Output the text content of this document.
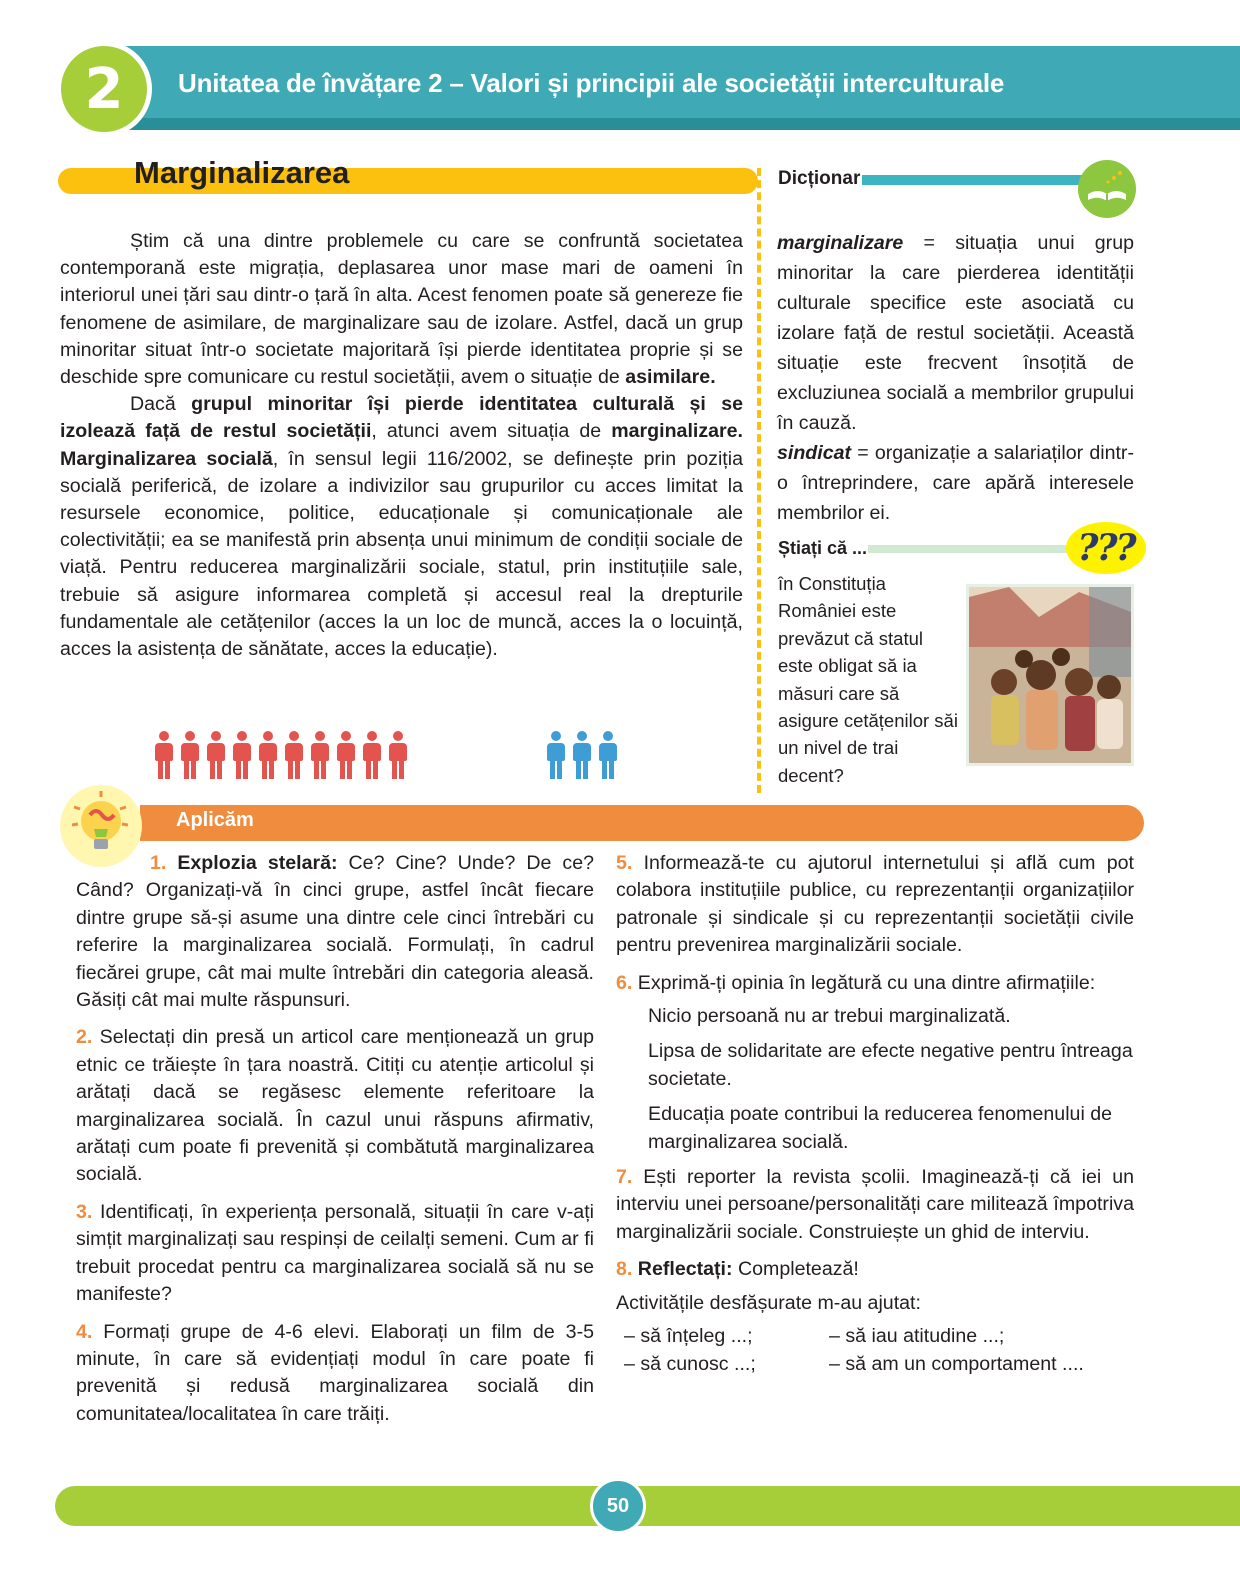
2 Unitatea de învățare 2 – Valori și principii ale societății interculturale
Marginalizarea

Știm că una dintre problemele cu care se confruntă societatea contemporană este migrația, deplasarea unor mase mari de oameni în interiorul unei țări sau dintr-o țară în alta. Acest fenomen poate să genereze fie fenomene de asimilare, de marginalizare sau de izolare. Astfel, dacă un grup minoritar situat într-o societate majoritară își pierde identitatea proprie și se deschide spre comunicare cu restul societății, avem o situație de asimilare.

Dacă grupul minoritar își pierde identitatea culturală și se izolează față de restul societății, atunci avem situația de marginalizare. Marginalizarea socială, în sensul legii 116/2002, se definește prin poziția socială periferică, de izolare a indivizilor sau grupurilor cu acces limitat la resursele economice, politice, educaționale și comunicaționale ale colectivității; ea se manifestă prin absența unui minimum de condiții sociale de viață. Pentru reducerea marginalizării sociale, statul, prin instituțiile sale, trebuie să asigure informarea completă și accesul real la drepturile fundamentale ale cetățenilor (acces la un loc de muncă, acces la o locuință, acces la asistența de sănătate, acces la educație).

Dicționar
marginalizare = situația unui grup minoritar la care pierderea identității culturale specifice este asociată cu izolare față de restul societății. Această situație este frecvent însoțită de excluziunea socială a membrilor grupului în cauză.
sindicat = organizație a salariaților dintr-o întreprindere, care apără interesele membrilor ei.
Știați că ...	???
în Constituția României este prevăzut că statul este obligat să ia măsuri care să asigure cetățenilor săi un nivel de trai decent?
Aplicăm
1. Explozia stelară: Ce? Cine? Unde? De ce? Când? Organizați-vă în cinci grupe, astfel încât fiecare dintre grupe să-și asume una dintre cele cinci întrebări cu referire la marginalizarea socială. Formulați, în cadrul fiecărei grupe, cât mai multe întrebări din categoria aleasă. Găsiți cât mai multe răspunsuri.
2. Selectați din presă un articol care menționează un grup etnic ce trăiește în țara noastră. Citiți cu atenție articolul și arătați dacă se regăsesc elemente referitoare la marginalizarea socială. În cazul unui răspuns afirmativ, arătați cum poate fi prevenită și combătută marginalizarea socială.
3. Identificați, în experiența personală, situații în care v-ați simțit marginalizați sau respinși de ceilalți semeni. Cum ar fi trebuit procedat pentru ca marginalizarea socială să nu se manifeste?
4. Formați grupe de 4-6 elevi. Elaborați un film de 3-5 minute, în care să evidențiați modul în care poate fi prevenită și redusă marginalizarea socială din comunitatea/localitatea în care trăiți.
5. Informează-te cu ajutorul internetului și află cum pot colabora instituțiile publice, cu reprezentanții organizațiilor patronale și sindicale și cu reprezentanții societății civile pentru prevenirea marginalizării sociale.
6. Exprimă-ți opinia în legătură cu una dintre afirmațiile:
Nicio persoană nu ar trebui marginalizată.
Lipsa de solidaritate are efecte negative pentru întreaga societate.
Educația poate contribui la reducerea fenomenului de marginalizarea socială.
7. Ești reporter la revista școlii. Imaginează-ți că iei un interviu unei persoane/personalități care militează împotriva marginalizării sociale. Construiește un ghid de interviu.
8. Reflectați: Completează!
Activitățile desfășurate m-au ajutat:
– să înțeleg ...;	– să iau atitudine ...;
– să cunosc ...;	– să am un comportament ....
50
